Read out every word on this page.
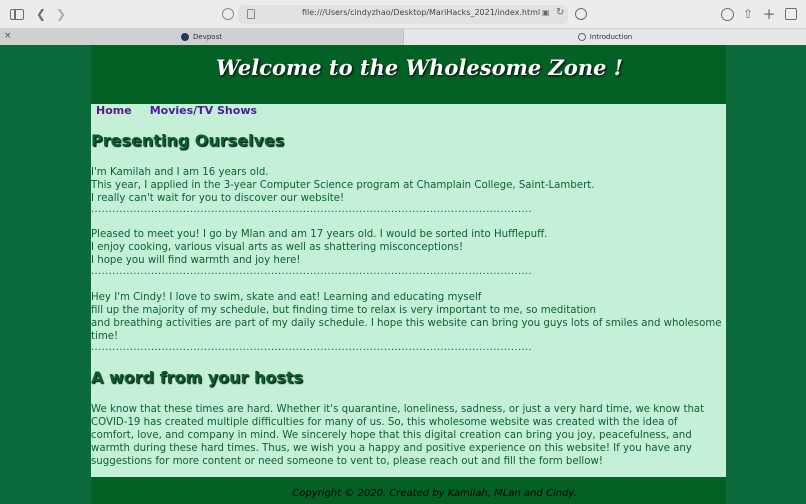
❮ ❯	file:///Users/cindyzhao/Desktop/MariHacks_2021/index.html ▣ ↻	⇧ +
×	Devpost	Introduction
Welcome to the Wholesome Zone !
Home Movies/TV Shows
Presenting Ourselves
I'm Kamilah and I am 16 years old.
This year, I applied in the 3-year Computer Science program at Champlain College, Saint-Lambert.
I really can't wait for you to discover our website!
.............................................................................................................................
Pleased to meet you! I go by Mlan and am 17 years old. I would be sorted into Hufflepuff.
I enjoy cooking, various visual arts as well as shattering misconceptions!
I hope you will find warmth and joy here!
.............................................................................................................................
Hey I'm Cindy! I love to swim, skate and eat! Learning and educating myself
fill up the majority of my schedule, but finding time to relax is very important to me, so meditation
and breathing activities are part of my daily schedule. I hope this website can bring you guys lots of smiles and wholesome time!
.............................................................................................................................
A word from your hosts
We know that these times are hard. Whether it's quarantine, loneliness, sadness, or just a very hard time, we know that COVID-19 has created multiple difficulties for many of us. So, this wholesome website was created with the idea of comfort, love, and company in mind. We sincerely hope that this digital creation can bring you joy, peacefulness, and warmth during these hard times. Thus, we wish you a happy and positive experience on this website! If you have any suggestions for more content or need someone to vent to, please reach out and fill the form bellow!
Copyright © 2020. Created by Kamilah, MLan and Cindy.
